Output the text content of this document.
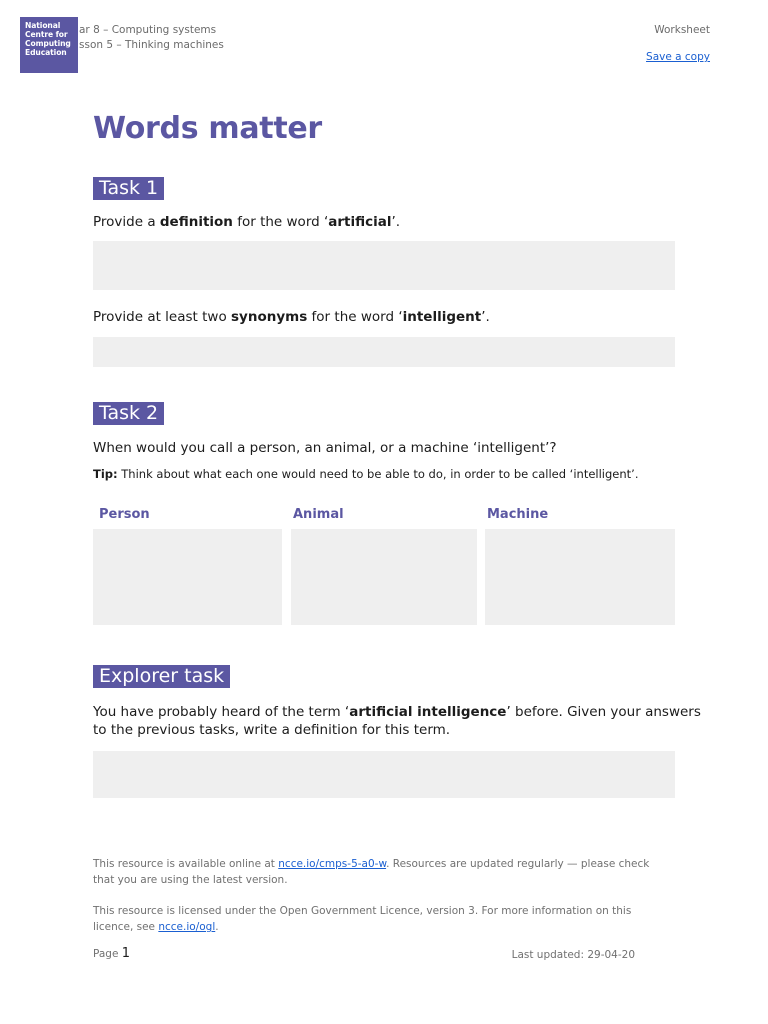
National
Centre for
Computing
Education
ar 8 – Computing systems
sson 5 – Thinking machines
Worksheet
Save a copy
Words matter
Task 1
Provide a definition for the word ‘artificial’.
Provide at least two synonyms for the word ‘intelligent’.
Task 2
When would you call a person, an animal, or a machine ‘intelligent’?
Tip: Think about what each one would need to be able to do, in order to be called ‘intelligent’.
Person	Animal	Machine
Explorer task
You have probably heard of the term ‘artificial intelligence’ before. Given your answers
to the previous tasks, write a definition for this term.
This resource is available online at ncce.io/cmps-5-a0-w. Resources are updated regularly — please check
that you are using the latest version.
This resource is licensed under the Open Government Licence, version 3. For more information on this
licence, see ncce.io/ogl.
Page 1	Last updated: 29-04-20
